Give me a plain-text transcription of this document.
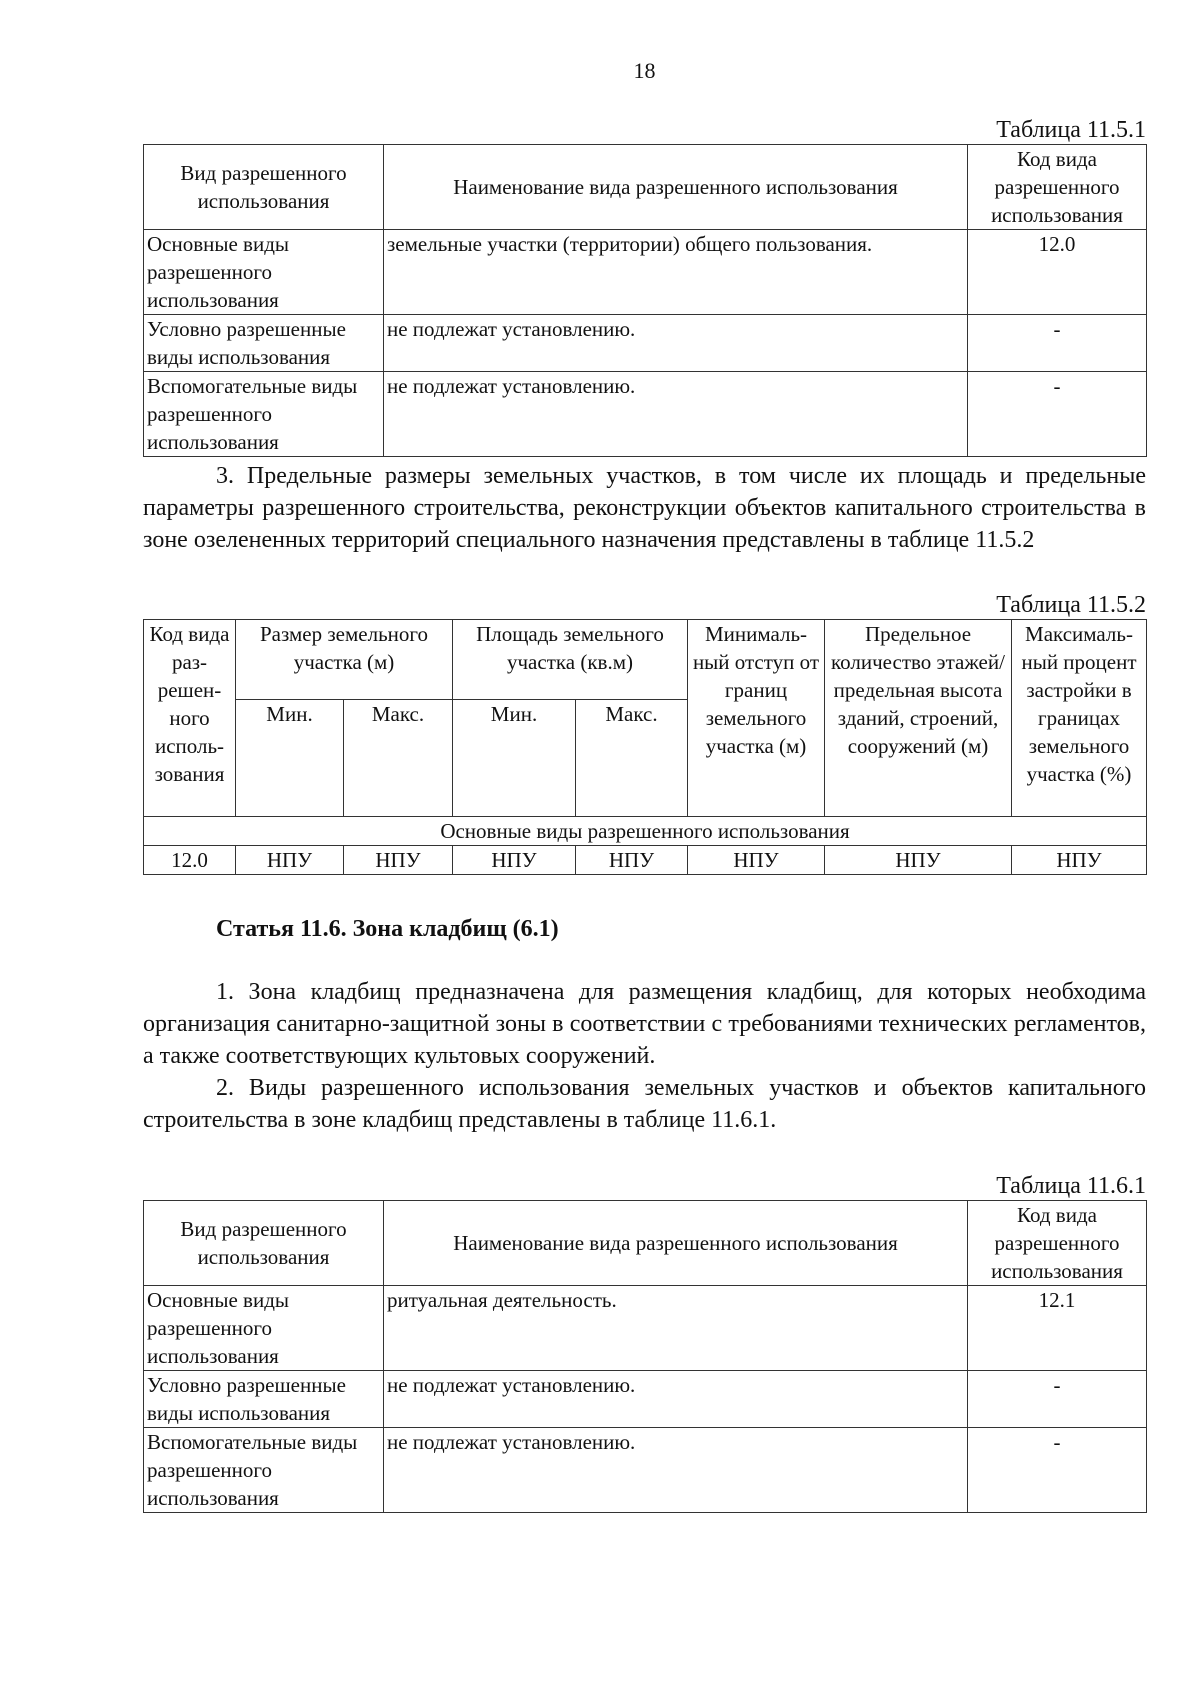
18
Таблица 11.5.1
Вид разрешенного использования	Наименование вида разрешенного использования	Код вида разрешенного использования
Основные виды разрешенного использования	земельные участки (территории) общего пользования.	12.0
Условно разрешенные виды использования	не подлежат установлению.	-
Вспомогательные виды разрешенного использования	не подлежат установлению.	-

3. Предельные размеры земельных участков, в том числе их площадь и предельные параметры разрешенного строительства, реконструкции объектов капитального строительства в зоне озелененных территорий специального назначения представлены в таблице 11.5.2

Таблица 11.5.2
Код вида раз-решен-ного исполь-зования	Размер земельного участка (м)		Площадь земельного участка (кв.м)		Минималь-ный отступ от границ земельного участка (м)	Предельное количество этажей/ предельная высота зданий, строений, сооружений (м)	Максималь-ный процент застройки в границах земельного участка (%)
	Мин.	Макс.	Мин.	Макс.			
Основные виды разрешенного использования							
12.0	НПУ	НПУ	НПУ	НПУ	НПУ	НПУ	НПУ
Статья 11.6. Зона кладбищ (6.1)

1. Зона кладбищ предназначена для размещения кладбищ, для которых необходима организация санитарно-защитной зоны в соответствии с требованиями технических регламентов, а также соответствующих культовых сооружений.

2. Виды разрешенного использования земельных участков и объектов капитального строительства в зоне кладбищ представлены в таблице 11.6.1.

Таблица 11.6.1
Вид разрешенного использования	Наименование вида разрешенного использования	Код вида разрешенного использования
Основные виды разрешенного использования	ритуальная деятельность.	12.1
Условно разрешенные виды использования	не подлежат установлению.	-
Вспомогательные виды разрешенного использования	не подлежат установлению.	-
